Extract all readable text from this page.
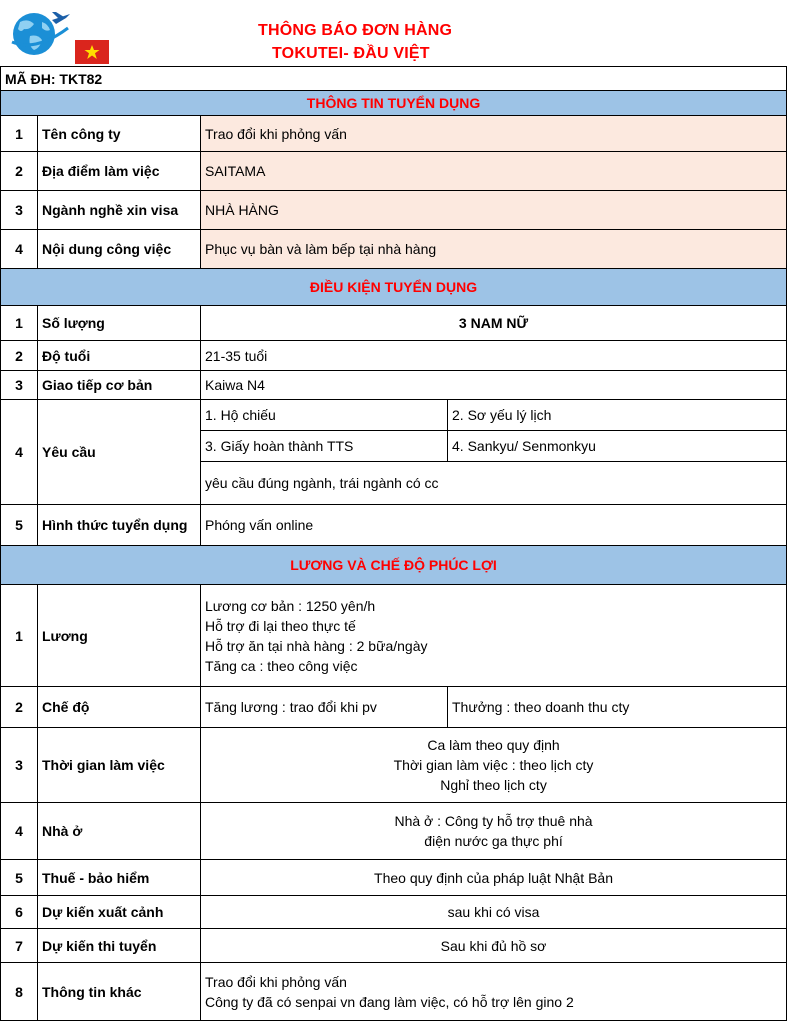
THÔNG BÁO ĐƠN HÀNG
TOKUTEI- ĐẦU VIỆT
MÃ ĐH: TKT82			
THÔNG TIN TUYỂN DỤNG			
1	Tên công ty	Trao đổi khi phỏng vấn	
2	Địa điểm làm việc	SAITAMA	
3	Ngành nghề xin visa	NHÀ HÀNG	
4	Nội dung công việc	Phục vụ bàn và làm bếp tại nhà hàng	
ĐIỀU KIỆN TUYỂN DỤNG			
1	Số lượng	3 NAM NỮ	
2	Độ tuổi	21-35 tuổi	
3	Giao tiếp cơ bản	Kaiwa N4	
4	Yêu cầu	1. Hộ chiếu	2. Sơ yếu lý lịch
		3. Giấy hoàn thành TTS	4. Sankyu/ Senmonkyu
		yêu cầu đúng ngành, trái ngành có cc	
5	Hình thức tuyển dụng	Phóng vấn online	
LƯƠNG VÀ CHẾ ĐỘ PHÚC LỢI			
1	Lương	Lương cơ bản : 1250 yên/h
Hỗ trợ đi lại theo thực tế
Hỗ trợ ăn tại nhà hàng : 2 bữa/ngày
Tăng ca : theo công việc	

2	Chế độ	Tăng lương : trao đổi khi pv	Thưởng : theo doanh thu cty
3	Thời gian làm việc	Ca làm theo quy định
Thời gian làm việc : theo lịch cty
Nghỉ theo lịch cty	

4	Nhà ở	Nhà ở : Công ty hỗ trợ thuê nhà
điện nước ga thực phí	

5	Thuế - bảo hiểm	Theo quy định của pháp luật Nhật Bản	
6	Dự kiến xuất cảnh	sau khi có visa	
7	Dự kiến thi tuyển	Sau khi đủ hồ sơ	
8	Thông tin khác	Trao đổi khi phỏng vấn
Công ty đã có senpai vn đang làm việc, có hỗ trợ lên gino 2	
